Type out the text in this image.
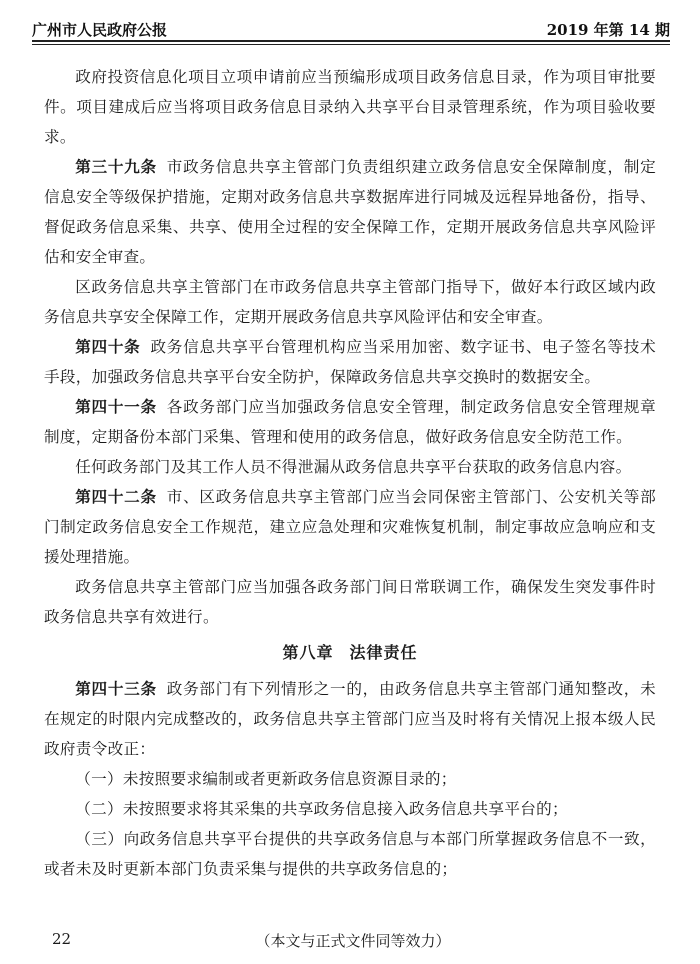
广州市人民政府公报	2019 年第 14 期

政府投资信息化项目立项申请前应当预编形成项目政务信息目录，作为项目审批要件。项目建成后应当将项目政务信息目录纳入共享平台目录管理系统，作为项目验收要求。

第三十九条 市政务信息共享主管部门负责组织建立政务信息安全保障制度，制定信息安全等级保护措施，定期对政务信息共享数据库进行同城及远程异地备份，指导、督促政务信息采集、共享、使用全过程的安全保障工作，定期开展政务信息共享风险评估和安全审查。

区政务信息共享主管部门在市政务信息共享主管部门指导下，做好本行政区域内政务信息共享安全保障工作，定期开展政务信息共享风险评估和安全审查。

第四十条 政务信息共享平台管理机构应当采用加密、数字证书、电子签名等技术手段，加强政务信息共享平台安全防护，保障政务信息共享交换时的数据安全。

第四十一条 各政务部门应当加强政务信息安全管理，制定政务信息安全管理规章制度，定期备份本部门采集、管理和使用的政务信息，做好政务信息安全防范工作。

任何政务部门及其工作人员不得泄漏从政务信息共享平台获取的政务信息内容。

第四十二条 市、区政务信息共享主管部门应当会同保密主管部门、公安机关等部门制定政务信息安全工作规范，建立应急处理和灾难恢复机制，制定事故应急响应和支援处理措施。

政务信息共享主管部门应当加强各政务部门间日常联调工作，确保发生突发事件时政务信息共享有效进行。

第八章 法律责任

第四十三条 政务部门有下列情形之一的，由政务信息共享主管部门通知整改，未在规定的时限内完成整改的，政务信息共享主管部门应当及时将有关情况上报本级人民政府责令改正：

（一）未按照要求编制或者更新政务信息资源目录的；

（二）未按照要求将其采集的共享政务信息接入政务信息共享平台的；

（三）向政务信息共享平台提供的共享政务信息与本部门所掌握政务信息不一致，或者未及时更新本部门负责采集与提供的共享政务信息的；

22	（本文与正式文件同等效力）
